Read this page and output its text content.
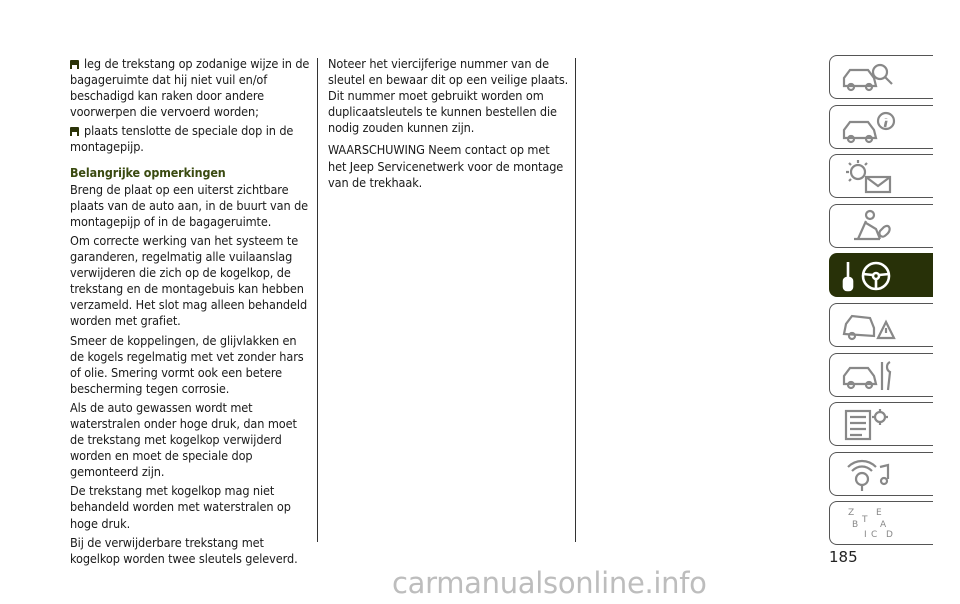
leg de trekstang op zodanige wijze in de bagageruimte dat hij niet vuil en/of beschadigd kan raken door andere voorwerpen die vervoerd worden;

plaats tenslotte de speciale dop in de montagepijp.

Belangrijke opmerkingen

Breng de plaat op een uiterst zichtbare plaats van de auto aan, in de buurt van de montagepijp of in de bagageruimte.

Om correcte werking van het systeem te garanderen, regelmatig alle vuilaanslag verwijderen die zich op de kogelkop, de trekstang en de montagebuis kan hebben verzameld. Het slot mag alleen behandeld worden met grafiet.

Smeer de koppelingen, de glijvlakken en de kogels regelmatig met vet zonder hars of olie. Smering vormt ook een betere bescherming tegen corrosie.

Als de auto gewassen wordt met waterstralen onder hoge druk, dan moet de trekstang met kogelkop verwijderd worden en moet de speciale dop gemonteerd zijn.

De trekstang met kogelkop mag niet behandeld worden met waterstralen op hoge druk.

Bij de verwijderbare trekstang met kogelkop worden twee sleutels geleverd.

Noteer het viercijferige nummer van de sleutel en bewaar dit op een veilige plaats. Dit nummer moet gebruikt worden om duplicaatsleutels te kunnen bestellen die nodig zouden kunnen zijn.

WAARSCHUWING Neem contact op met het Jeep Servicenetwerk voor de montage van de trekhaak.

Z E
B A
I C
T
D
185
carmanualsonline.info
